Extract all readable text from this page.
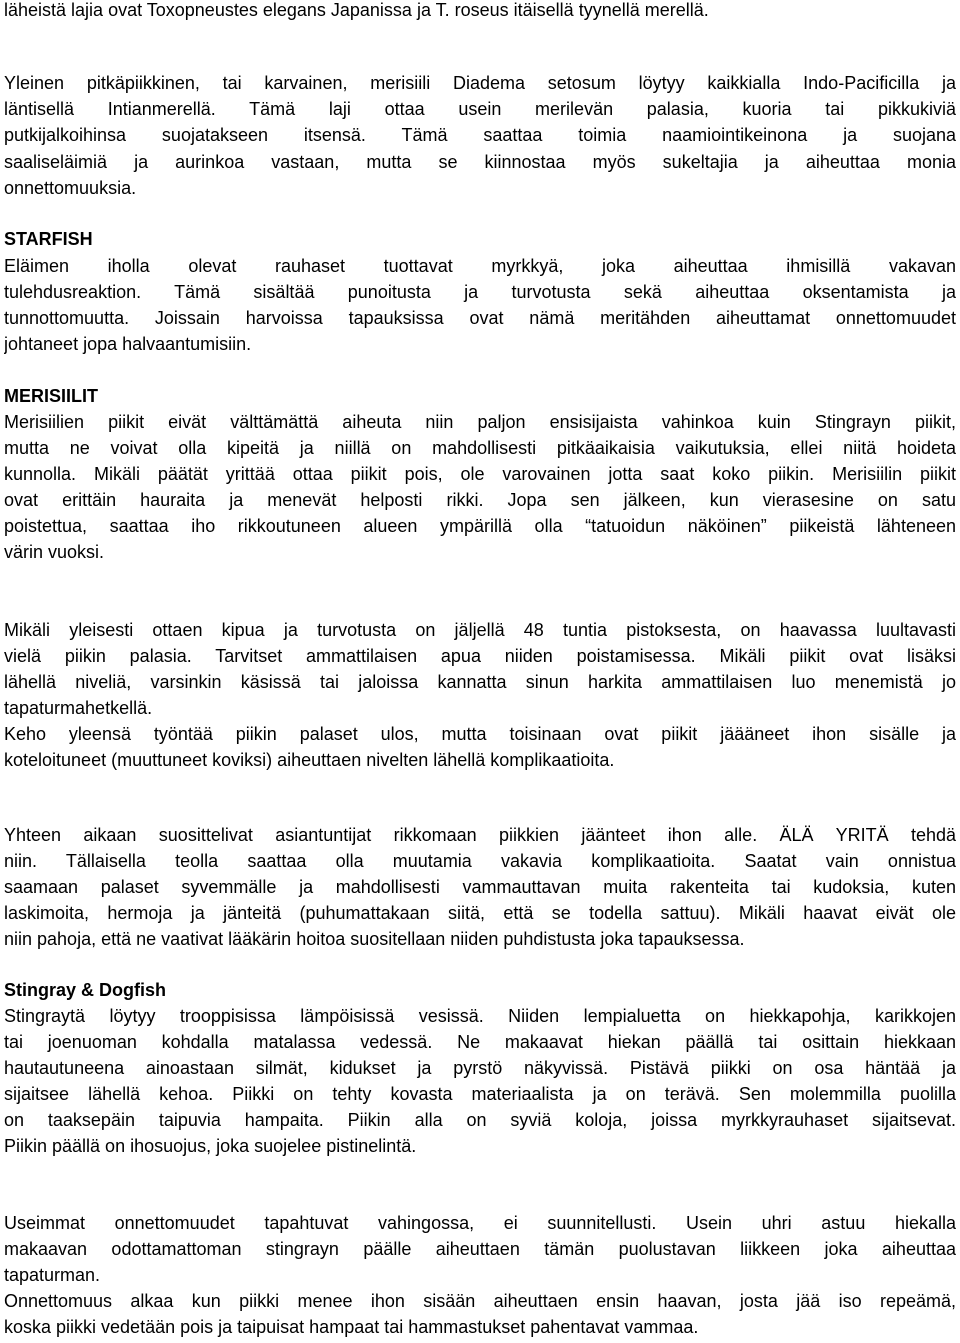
läheistä lajia ovat Toxopneustes elegans Japanissa ja T. roseus itäisellä tyynellä merellä.
Yleinen pitkäpiikkinen, tai karvainen, merisiili Diadema setosum löytyy kaikkialla Indo-Pacificilla ja
läntisellä Intianmerellä. Tämä laji ottaa usein merilevän palasia, kuoria tai pikkukiviä
putkijalkoihinsa suojatakseen itsensä. Tämä saattaa toimia naamiointikeinona ja suojana
saaliseläimiä ja aurinkoa vastaan, mutta se kiinnostaa myös sukeltajia ja aiheuttaa monia
onnettomuuksia.
STARFISH
Eläimen iholla olevat rauhaset tuottavat myrkkyä, joka aiheuttaa ihmisillä vakavan
tulehdusreaktion. Tämä sisältää punoitusta ja turvotusta sekä aiheuttaa oksentamista ja
tunnottomuutta. Joissain harvoissa tapauksissa ovat nämä meritähden aiheuttamat onnettomuudet
johtaneet jopa halvaantumisiin.
MERISIILIT
Merisiilien piikit eivät välttämättä aiheuta niin paljon ensisijaista vahinkoa kuin Stingrayn piikit,
mutta ne voivat olla kipeitä ja niillä on mahdollisesti pitkäaikaisia vaikutuksia, ellei niitä hoideta
kunnolla. Mikäli päätät yrittää ottaa piikit pois, ole varovainen jotta saat koko piikin. Merisiilin piikit
ovat erittäin hauraita ja menevät helposti rikki. Jopa sen jälkeen, kun vierasesine on satu
poistettua, saattaa iho rikkoutuneen alueen ympärillä olla “tatuoidun näköinen” piikeistä lähteneen
värin vuoksi.
Mikäli yleisesti ottaen kipua ja turvotusta on jäljellä 48 tuntia pistoksesta, on haavassa luultavasti
vielä piikin palasia. Tarvitset ammattilaisen apua niiden poistamisessa. Mikäli piikit ovat lisäksi
lähellä niveliä, varsinkin käsissä tai jaloissa kannatta sinun harkita ammattilaisen luo menemistä jo
tapaturmahetkellä.
Keho yleensä työntää piikin palaset ulos, mutta toisinaan ovat piikit jäääneet ihon sisälle ja
koteloituneet (muuttuneet koviksi) aiheuttaen nivelten lähellä komplikaatioita.
Yhteen aikaan suosittelivat asiantuntijat rikkomaan piikkien jäänteet ihon alle. ÄLÄ YRITÄ tehdä
niin. Tällaisella teolla saattaa olla muutamia vakavia komplikaatioita. Saatat vain onnistua
saamaan palaset syvemmälle ja mahdollisesti vammauttavan muita rakenteita tai kudoksia, kuten
laskimoita, hermoja ja jänteitä (puhumattakaan siitä, että se todella sattuu). Mikäli haavat eivät ole
niin pahoja, että ne vaativat lääkärin hoitoa suositellaan niiden puhdistusta joka tapauksessa.
Stingray & Dogfish
Stingraytä löytyy trooppisissa lämpöisissä vesissä. Niiden lempialuetta on hiekkapohja, karikkojen
tai joenuoman kohdalla matalassa vedessä. Ne makaavat hiekan päällä tai osittain hiekkaan
hautautuneena ainoastaan silmät, kidukset ja pyrstö näkyvissä. Pistävä piikki on osa häntää ja
sijaitsee lähellä kehoa. Piikki on tehty kovasta materiaalista ja on terävä. Sen molemmilla puolilla
on taaksepäin taipuvia hampaita. Piikin alla on syviä koloja, joissa myrkkyrauhaset sijaitsevat.
Piikin päällä on ihosuojus, joka suojelee pistinelintä.
Useimmat onnettomuudet tapahtuvat vahingossa, ei suunnitellusti. Usein uhri astuu hiekalla
makaavan odottamattoman stingrayn päälle aiheuttaen tämän puolustavan liikkeen joka aiheuttaa
tapaturman.
Onnettomuus alkaa kun piikki menee ihon sisään aiheuttaen ensin haavan, josta jää iso repeämä,
koska piikki vedetään pois ja taipuisat hampaat tai hammastukset pahentavat vammaa.
